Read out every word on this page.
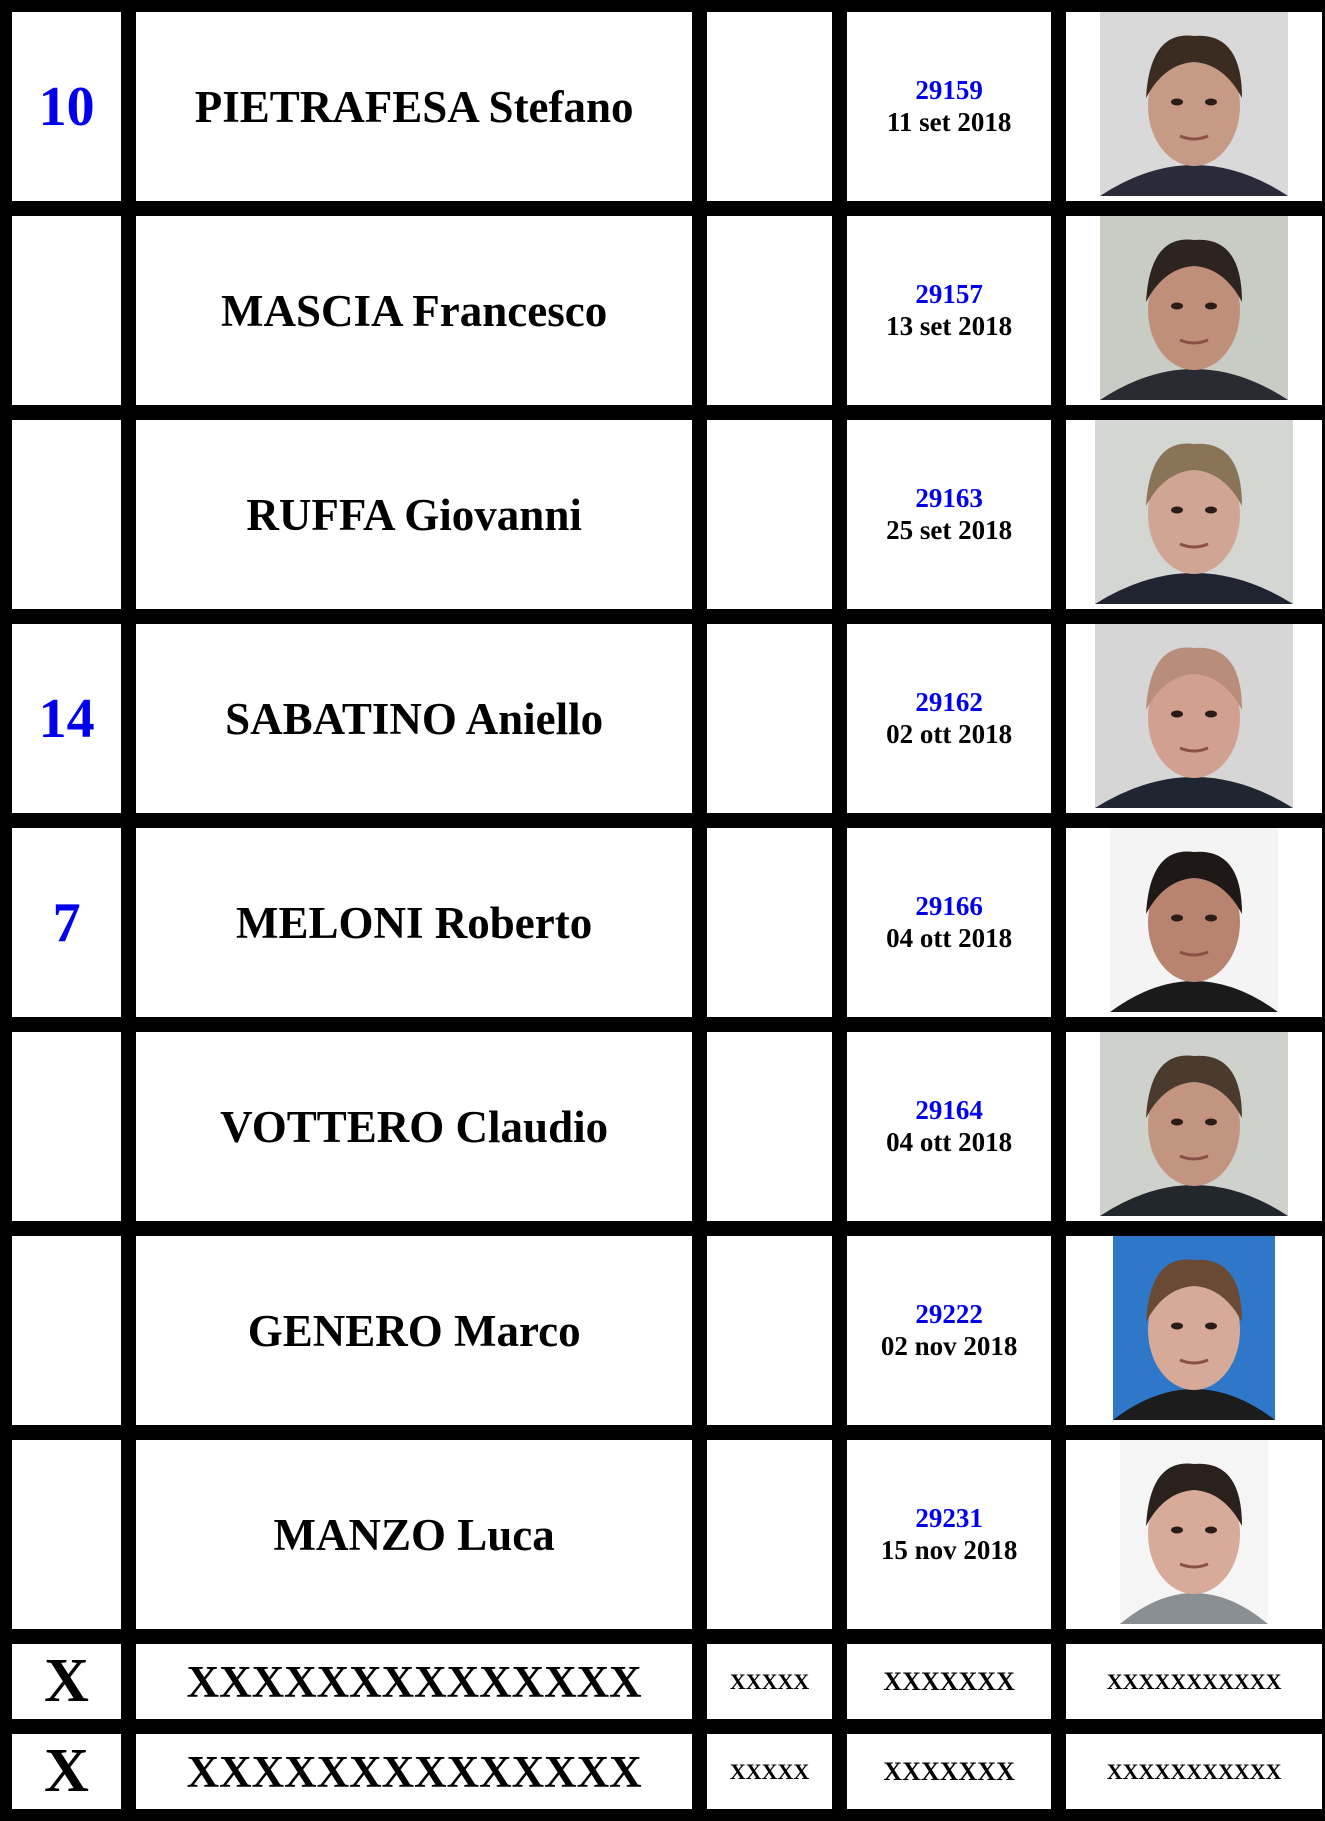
10	PIETRAFESA Stefano		29159
11 set 2018

	MASCIA Francesco		29157
13 set 2018

	RUFFA Giovanni		29163
25 set 2018

14	SABATINO Aniello		29162
02 ott 2018

7	MELONI Roberto		29166
04 ott 2018

	VOTTERO Claudio		29164
04 ott 2018

	GENERO Marco		29222
02 nov 2018

	MANZO Luca		29231
15 nov 2018

X	XXXXXXXXXXXXXX	XXXXX	XXXXXXX	XXXXXXXXXXX
X	XXXXXXXXXXXXXX	XXXXX	XXXXXXX	XXXXXXXXXXX
